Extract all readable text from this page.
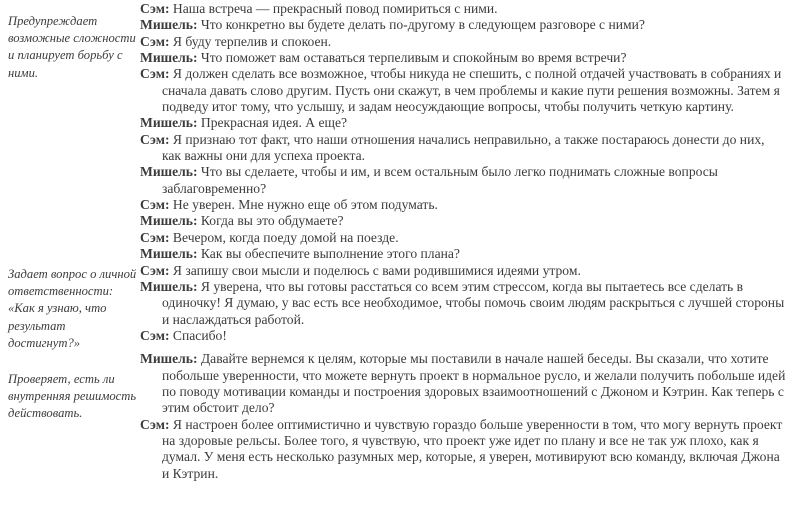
Предупреждает возможные сложности и планирует борьбу с ними.
Задает вопрос о личной ответственности: «Как я узнаю, что результат достигнут?»
Проверяет, есть ли внутренняя решимость действовать.

Сэм: Наша встреча — прекрасный повод помириться с ними.

Мишель: Что конкретно вы будете делать по-другому в следующем разговоре с ними?

Сэм: Я буду терпелив и спокоен.

Мишель: Что поможет вам оставаться терпеливым и спокойным во время встречи?

Сэм: Я должен сделать все возможное, чтобы никуда не спешить, с полной отдачей участвовать в собраниях и сначала давать слово другим. Пусть они скажут, в чем проблемы и какие пути решения возможны. Затем я подведу итог тому, что услышу, и задам неосуждающие вопросы, чтобы получить четкую картину.

Мишель: Прекрасная идея. А еще?

Сэм: Я признаю тот факт, что наши отношения начались неправильно, а также постараюсь донести до них, как важны они для успеха проекта.

Мишель: Что вы сделаете, чтобы и им, и всем остальным было легко поднимать сложные вопросы заблаговременно?

Сэм: Не уверен. Мне нужно еще об этом подумать.

Мишель: Когда вы это обдумаете?

Сэм: Вечером, когда поеду домой на поезде.

Мишель: Как вы обеспечите выполнение этого плана?

Сэм: Я запишу свои мысли и поделюсь с вами родившимися идеями утром.

Мишель: Я уверена, что вы готовы расстаться со всем этим стрессом, когда вы пытаетесь все сделать в одиночку! Я думаю, у вас есть все необходимое, чтобы помочь своим людям раскрыться с лучшей стороны и наслаждаться работой.

Сэм: Спасибо!

Мишель: Давайте вернемся к целям, которые мы поставили в начале нашей беседы. Вы сказали, что хотите побольше уверенности, что можете вернуть проект в нормальное русло, и желали получить побольше идей по поводу мотивации команды и построения здоровых взаимоотношений с Джоном и Кэтрин. Как теперь с этим обстоит дело?

Сэм: Я настроен более оптимистично и чувствую гораздо больше уверенности в том, что могу вернуть проект на здоровые рельсы. Более того, я чувствую, что проект уже идет по плану и все не так уж плохо, как я думал. У меня есть несколько разумных мер, которые, я уверен, мотивируют всю команду, включая Джона и Кэтрин.
